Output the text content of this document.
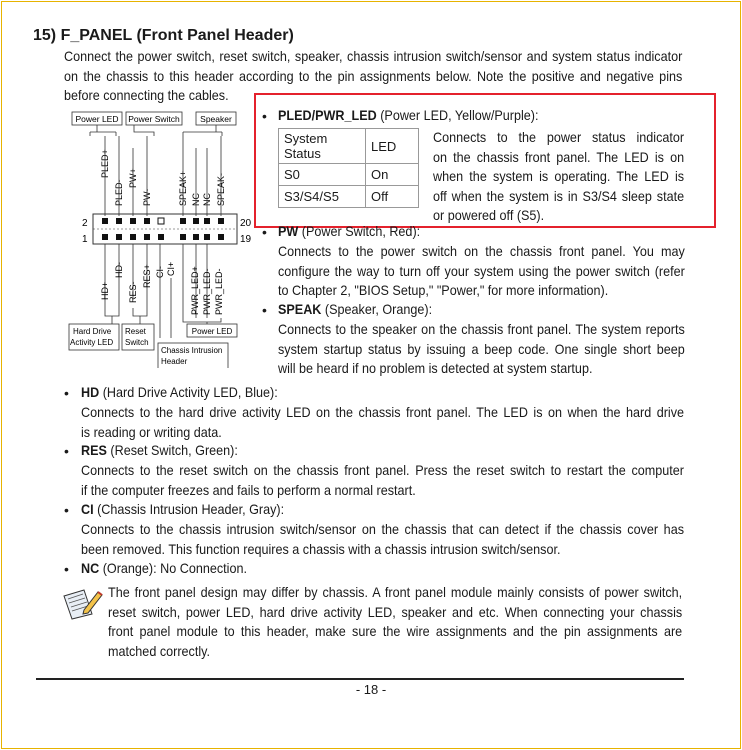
15) F_PANEL (Front Panel Header)
Connect the power switch, reset switch, speaker, chassis intrusion switch/sensor and system status indicator
on the chassis to this header according to the pin assignments below. Note the positive and negative pins
before connecting the cables.
Power LED Power Switch Speaker
PLED+
PLED-
PW+
PW-	SPEAK+ NC NC SPEAK-
2
1
20
19
HD+
HD-
RES-
RES+ CI- CI+ PWR_LED+ PWR_LED- PWR_LED-
Hard Drive Activity LED
Reset Switch
Power LED
Chassis Intrusion Header
• PLED/PWR_LED (Power LED, Yellow/Purple):
System Status	LED
S0	On
S3/S4/S5	Off
Connects to the power status indicator
on the chassis front panel. The LED is on
when the system is operating. The LED is
off when the system is in S3/S4 sleep state
or powered off (S5).
• PW (Power Switch, Red):
Connects to the power switch on the chassis front panel. You may
configure the way to turn off your system using the power switch (refer
to Chapter 2, "BIOS Setup," "Power," for more information).
• SPEAK (Speaker, Orange):
Connects to the speaker on the chassis front panel. The system reports
system startup status by issuing a beep code. One single short beep
will be heard if no problem is detected at system startup.
• HD (Hard Drive Activity LED, Blue):
Connects to the hard drive activity LED on the chassis front panel. The LED is on when the hard drive
is reading or writing data.
• RES (Reset Switch, Green):
Connects to the reset switch on the chassis front panel. Press the reset switch to restart the computer
if the computer freezes and fails to perform a normal restart.
• CI (Chassis Intrusion Header, Gray):
Connects to the chassis intrusion switch/sensor on the chassis that can detect if the chassis cover has
been removed. This function requires a chassis with a chassis intrusion switch/sensor.
• NC (Orange): No Connection.
The front panel design may differ by chassis. A front panel module mainly consists of power switch,
reset switch, power LED, hard drive activity LED, speaker and etc. When connecting your chassis
front panel module to this header, make sure the wire assignments and the pin assignments are
matched correctly.
- 18 -
